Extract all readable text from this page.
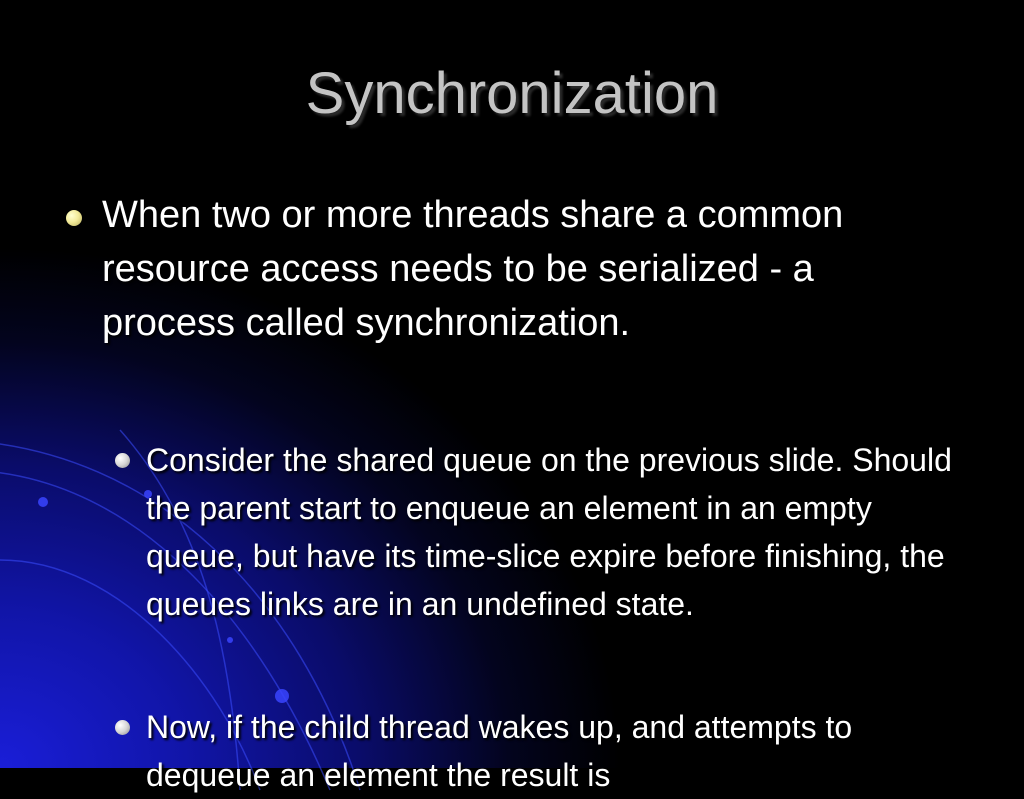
Synchronization
When two or more threads share a common resource access needs to be serialized - a process called synchronization.
Consider the shared queue on the previous slide. Should the parent start to enqueue an element in an empty queue, but have its time-slice expire before finishing, the queues links are in an undefined state.
Now, if the child thread wakes up, and attempts to dequeue an element the result is
